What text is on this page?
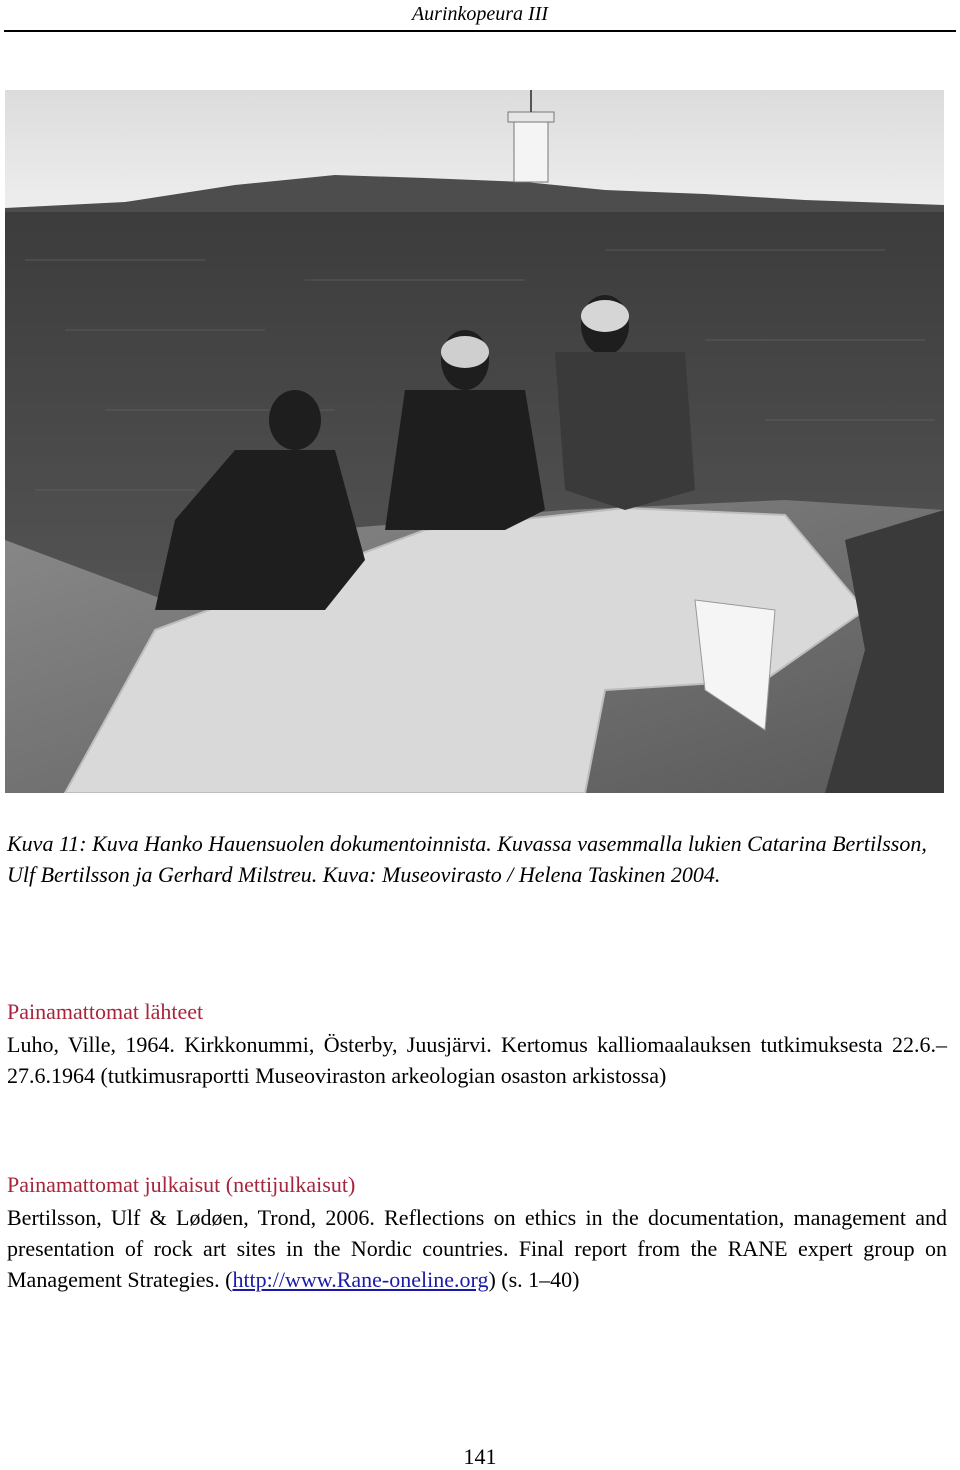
Aurinkopeura III
Kuva 11: Kuva Hanko Hauensuolen dokumentoinnista. Kuvassa vasemmalla lukien Catarina Bertilsson, Ulf Bertilsson ja Gerhard Milstreu. Kuva: Museovirasto / Helena Taskinen 2004.
Painamattomat lähteet
Luho, Ville, 1964. Kirkkonummi, Österby, Juusjärvi. Kertomus kalliomaalauksen tutkimuksesta 22.6.–27.6.1964 (tutkimusraportti Museoviraston arkeologian osaston arkistossa)
Painamattomat julkaisut (nettijulkaisut)
Bertilsson, Ulf & Lødøen, Trond, 2006. Reflections on ethics in the documentation, management and presentation of rock art sites in the Nordic countries. Final report from the RANE expert group on Management Strategies. (http://www.Rane-oneline.org) (s. 1–40)
141
